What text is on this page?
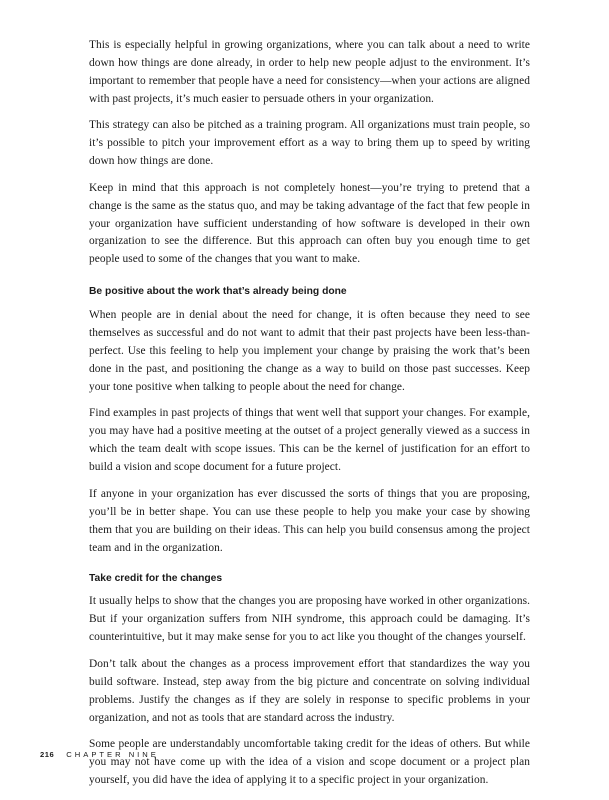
This is especially helpful in growing organizations, where you can talk about a need to write down how things are done already, in order to help new people adjust to the environment. It’s important to remember that people have a need for consistency—when your actions are aligned with past projects, it’s much easier to persuade others in your organization.

This strategy can also be pitched as a training program. All organizations must train people, so it’s possible to pitch your improvement effort as a way to bring them up to speed by writing down how things are done.

Keep in mind that this approach is not completely honest—you’re trying to pretend that a change is the same as the status quo, and may be taking advantage of the fact that few people in your organization have sufficient understanding of how software is developed in their own organization to see the difference. But this approach can often buy you enough time to get people used to some of the changes that you want to make.

Be positive about the work that’s already being done

When people are in denial about the need for change, it is often because they need to see themselves as successful and do not want to admit that their past projects have been less-than-perfect. Use this feeling to help you implement your change by praising the work that’s been done in the past, and positioning the change as a way to build on those past successes. Keep your tone positive when talking to people about the need for change.

Find examples in past projects of things that went well that support your changes. For example, you may have had a positive meeting at the outset of a project generally viewed as a success in which the team dealt with scope issues. This can be the kernel of justification for an effort to build a vision and scope document for a future project.

If anyone in your organization has ever discussed the sorts of things that you are proposing, you’ll be in better shape. You can use these people to help you make your case by showing them that you are building on their ideas. This can help you build consensus among the project team and in the organization.

Take credit for the changes

It usually helps to show that the changes you are proposing have worked in other organizations. But if your organization suffers from NIH syndrome, this approach could be damaging. It’s counterintuitive, but it may make sense for you to act like you thought of the changes yourself.

Don’t talk about the changes as a process improvement effort that standardizes the way you build software. Instead, step away from the big picture and concentrate on solving individual problems. Justify the changes as if they are solely in response to specific problems in your organization, and not as tools that are standard across the industry.

Some people are understandably uncomfortable taking credit for the ideas of others. But while you may not have come up with the idea of a vision and scope document or a project plan yourself, you did have the idea of applying it to a specific project in your organization.

216 CHAPTER NINE
